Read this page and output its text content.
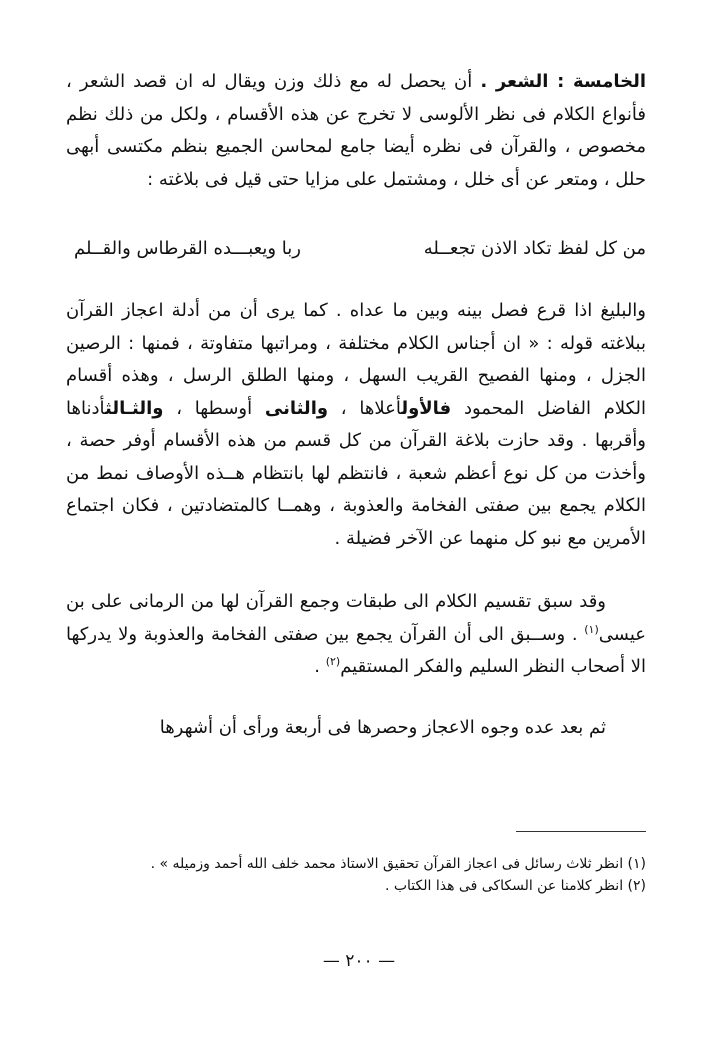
الخامسة : الشعر . أن يحصل له مع ذلك وزن ويقال له ان قصد الشعر ، فأنواع الكلام فى نظر الألوسى لا تخرج عن هذه الأقسام ، ولكل من ذلك نظم مخصوص ، والقرآن فى نظره أيضا جامع لمحاسن الجميع بنظم مكتسى أبهى حلل ، ومتعر عن أى خلل ، ومشتمل على مزايا حتى قيل فى بلاغته :

من كل لفظ تكاد الاذن تجعــله
ربا ويعبـــده القرطاس والقــلم

والبليغ اذا قرع فصل بينه وبين ما عداه . كما يرى أن من أدلة اعجاز القرآن ببلاغته قوله : « ان أجناس الكلام مختلفة ، ومراتبها متفاوتة ، فمنها : الرصين الجزل ، ومنها الفصيح القريب السهل ، ومنها الطلق الرسل ، وهذه أقسام الكلام الفاضل المحمود فالأولأعلاها ، والثانى أوسطها ، والثـالثأدناها وأقربها . وقد حازت بلاغة القرآن من كل قسم من هذه الأقسام أوفر حصة ، وأخذت من كل نوع أعظم شعبة ، فانتظم لها بانتظام هــذه الأوصاف نمط من الكلام يجمع بين صفتى الفخامة والعذوبة ، وهمــا كالمتضادتين ، فكان اجتماع الأمرين مع نبو كل منهما عن الآخر فضيلة .

وقد سبق تقسيم الكلام الى طبقات وجمع القرآن لها من الرمانى على بن عيسى$^{(١)}$ . وســبق الى أن القرآن يجمع بين صفتى الفخامة والعذوبة ولا يدركها الا أصحاب النظر السليم والفكر المستقيم$^{(٢)}$ .

ثم بعد عده وجوه الاعجاز وحصرها فى أربعة ورأى أن أشهرها

(١) انظر ثلاث رسائل فى اعجاز القرآن تحقيق الاستاذ محمد خلف الله أحمد وزميله » .

(٢) انظر كلامنا عن السكاكى فى هذا الكتاب .

— ٢٠٠ —
